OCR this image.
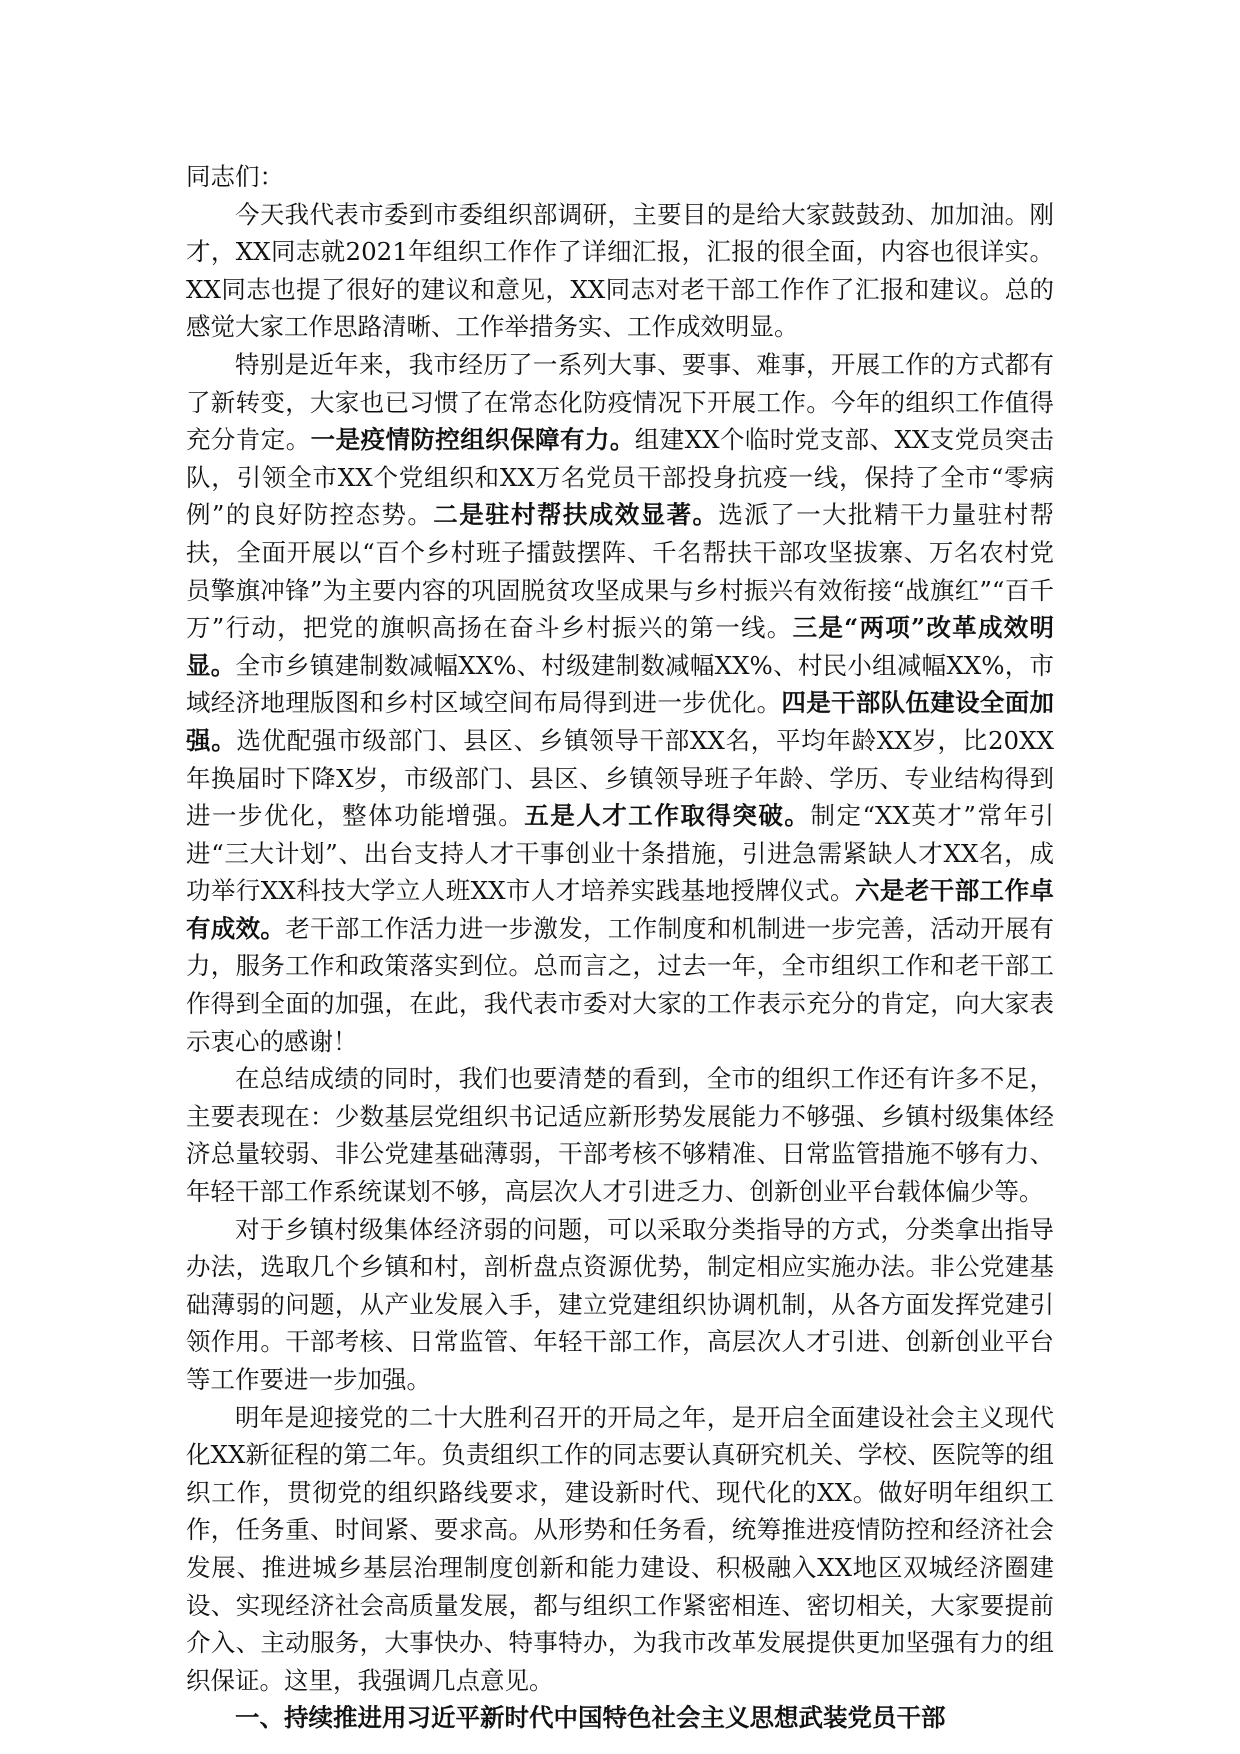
同志们：

今天我代表市委到市委组织部调研，主要目的是给大家鼓鼓劲、加加油。刚才，XX同志就2021年组织工作作了详细汇报，汇报的很全面，内容也很详实。XX同志也提了很好的建议和意见，XX同志对老干部工作作了汇报和建议。总的感觉大家工作思路清晰、工作举措务实、工作成效明显。

特别是近年来，我市经历了一系列大事、要事、难事，开展工作的方式都有了新转变，大家也已习惯了在常态化防疫情况下开展工作。今年的组织工作值得充分肯定。一是疫情防控组织保障有力。组建XX个临时党支部、XX支党员突击队，引领全市XX个党组织和XX万名党员干部投身抗疫一线，保持了全市“零病例”的良好防控态势。二是驻村帮扶成效显著。选派了一大批精干力量驻村帮扶，全面开展以“百个乡村班子擂鼓摆阵、千名帮扶干部攻坚拔寨、万名农村党员擎旗冲锋”为主要内容的巩固脱贫攻坚成果与乡村振兴有效衔接“战旗红”“百千万”行动，把党的旗帜高扬在奋斗乡村振兴的第一线。三是“两项”改革成效明显。全市乡镇建制数减幅XX%、村级建制数减幅XX%、村民小组减幅XX%，市域经济地理版图和乡村区域空间布局得到进一步优化。四是干部队伍建设全面加强。选优配强市级部门、县区、乡镇领导干部XX名，平均年龄XX岁，比20XX年换届时下降X岁，市级部门、县区、乡镇领导班子年龄、学历、专业结构得到进一步优化，整体功能增强。五是人才工作取得突破。制定“XX英才”常年引进“三大计划”、出台支持人才干事创业十条措施，引进急需紧缺人才XX名，成功举行XX科技大学立人班XX市人才培养实践基地授牌仪式。六是老干部工作卓有成效。老干部工作活力进一步激发，工作制度和机制进一步完善，活动开展有力，服务工作和政策落实到位。总而言之，过去一年，全市组织工作和老干部工作得到全面的加强，在此，我代表市委对大家的工作表示充分的肯定，向大家表示衷心的感谢！

在总结成绩的同时，我们也要清楚的看到，全市的组织工作还有许多不足，主要表现在：少数基层党组织书记适应新形势发展能力不够强、乡镇村级集体经济总量较弱、非公党建基础薄弱，干部考核不够精准、日常监管措施不够有力、年轻干部工作系统谋划不够，高层次人才引进乏力、创新创业平台载体偏少等。

对于乡镇村级集体经济弱的问题，可以采取分类指导的方式，分类拿出指导办法，选取几个乡镇和村，剖析盘点资源优势，制定相应实施办法。非公党建基础薄弱的问题，从产业发展入手，建立党建组织协调机制，从各方面发挥党建引领作用。干部考核、日常监管、年轻干部工作，高层次人才引进、创新创业平台等工作要进一步加强。

明年是迎接党的二十大胜利召开的开局之年，是开启全面建设社会主义现代化XX新征程的第二年。负责组织工作的同志要认真研究机关、学校、医院等的组织工作，贯彻党的组织路线要求，建设新时代、现代化的XX。做好明年组织工作，任务重、时间紧、要求高。从形势和任务看，统筹推进疫情防控和经济社会发展、推进城乡基层治理制度创新和能力建设、积极融入XX地区双城经济圈建设、实现经济社会高质量发展，都与组织工作紧密相连、密切相关，大家要提前介入、主动服务，大事快办、特事特办，为我市改革发展提供更加坚强有力的组织保证。这里，我强调几点意见。

一、持续推进用习近平新时代中国特色社会主义思想武装党员干部
